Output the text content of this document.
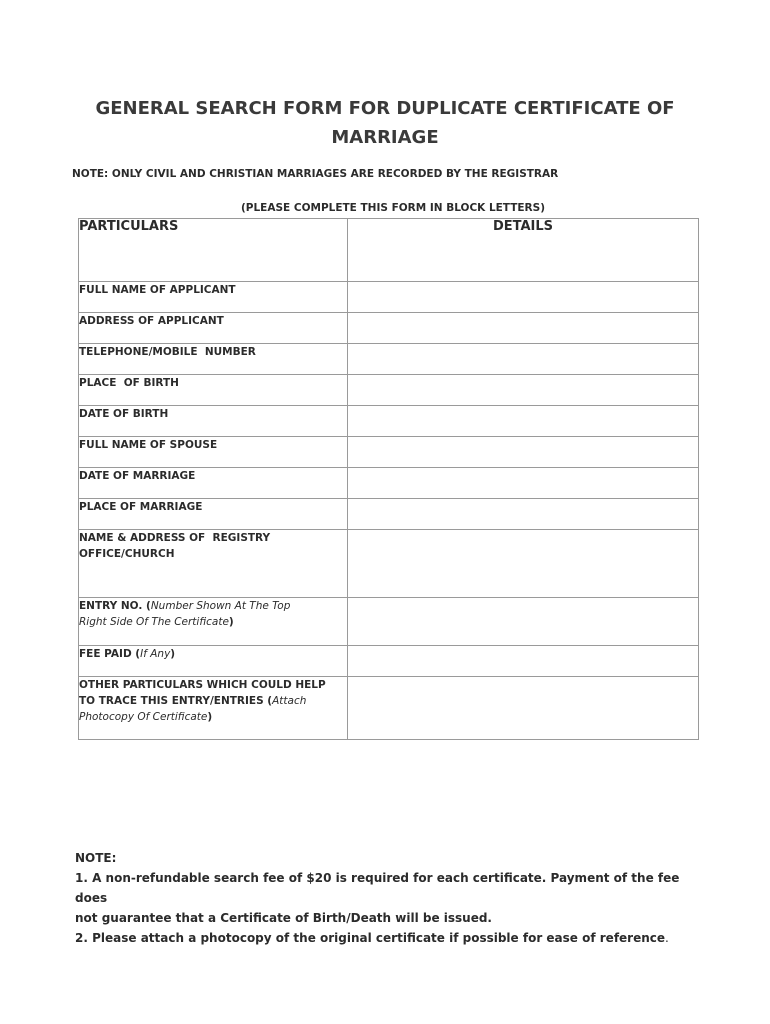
GENERAL SEARCH FORM FOR DUPLICATE CERTIFICATE OF
MARRIAGE
NOTE: ONLY CIVIL AND CHRISTIAN MARRIAGES ARE RECORDED BY THE REGISTRAR
(PLEASE COMPLETE THIS FORM IN BLOCK LETTERS)
PARTICULARS	DETAILS
FULL NAME OF APPLICANT	
ADDRESS OF APPLICANT	
TELEPHONE/MOBILE  NUMBER	
PLACE  OF BIRTH	
DATE OF BIRTH	
FULL NAME OF SPOUSE	
DATE OF MARRIAGE	
PLACE OF MARRIAGE	

NAME & ADDRESS OF  REGISTRY
OFFICE/CHURCH	

ENTRY NO. (Number Shown At The Top
Right Side Of The Certificate)	

FEE PAID (If Any)	

OTHER PARTICULARS WHICH COULD HELP
TO TRACE THIS ENTRY/ENTRIES (Attach
Photocopy Of Certificate)	

NOTE:
1. A non-refundable search fee of $20 is required for each certificate. Payment of the fee does
not guarantee that a Certificate of Birth/Death will be issued.
2. Please attach a photocopy of the original certificate if possible for ease of reference.
